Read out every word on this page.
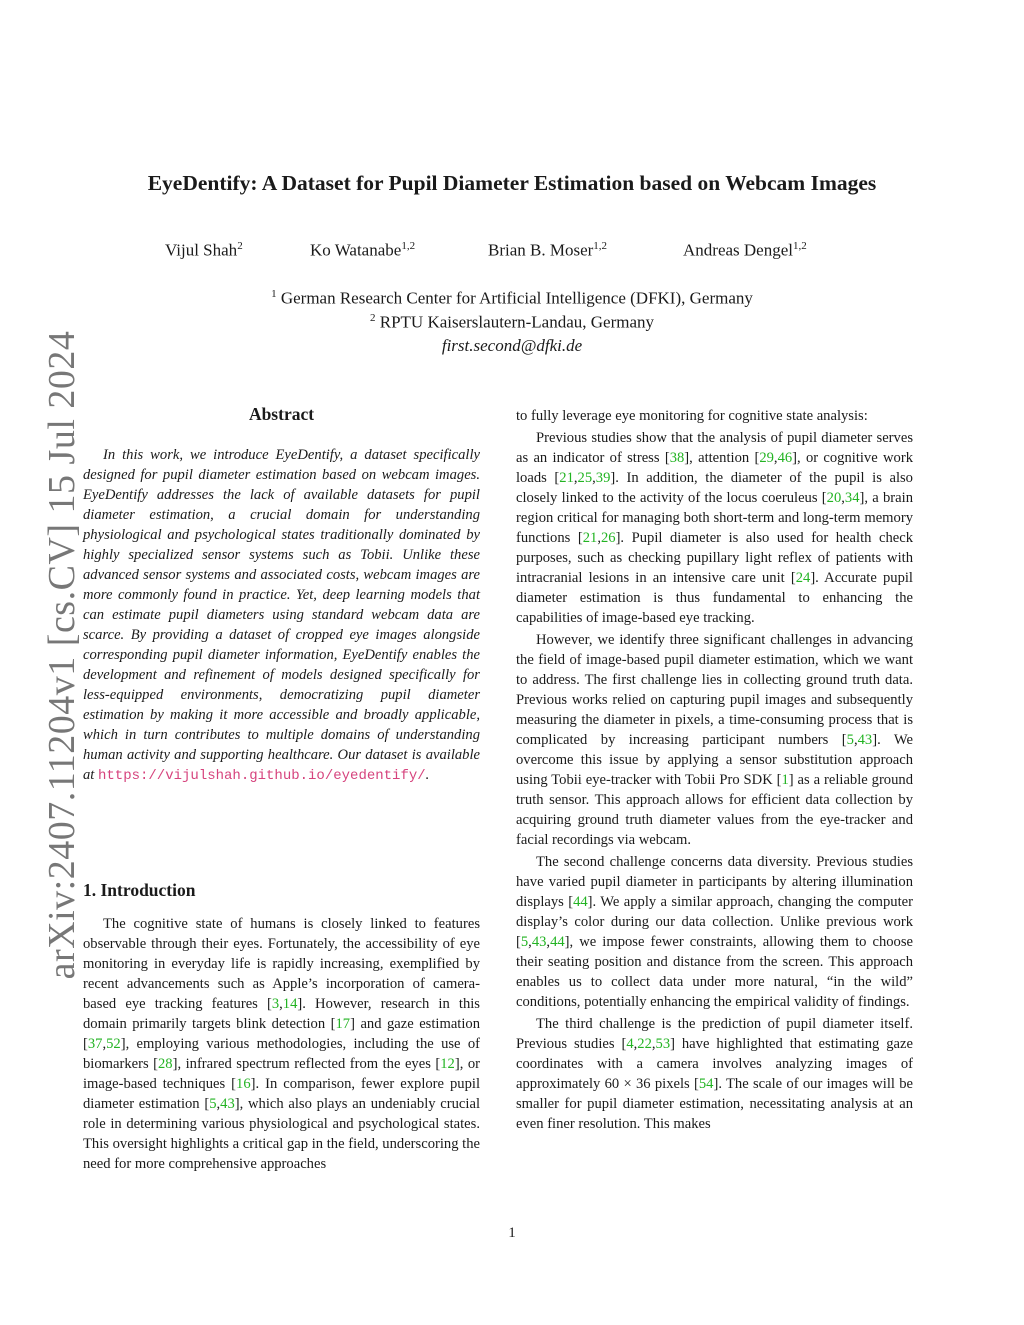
arXiv:2407.11204v1 [cs.CV] 15 Jul 2024
EyeDentify: A Dataset for Pupil Diameter Estimation based on Webcam Images
Vijul Shah$^2$	Ko Watanabe$^{1,2}$	Brian B. Moser$^{1,2}$	Andreas Dengel$^{1,2}$
$^1$ German Research Center for Artificial Intelligence (DFKI), Germany
$^2$ RPTU Kaiserslautern-Landau, Germany
first.second@dfki.de
Abstract

In this work, we introduce EyeDentify, a dataset specifically designed for pupil diameter estimation based on webcam images. EyeDentify addresses the lack of available datasets for pupil diameter estimation, a crucial domain for understanding physiological and psychological states traditionally dominated by highly specialized sensor systems such as Tobii. Unlike these advanced sensor systems and associated costs, webcam images are more commonly found in practice. Yet, deep learning models that can estimate pupil diameters using standard webcam data are scarce. By providing a dataset of cropped eye images alongside corresponding pupil diameter information, EyeDentify enables the development and refinement of models designed specifically for less-equipped environments, democratizing pupil diameter estimation by making it more accessible and broadly applicable, which in turn contributes to multiple domains of understanding human activity and supporting healthcare. Our dataset is available at https://vijulshah.github.io/eyedentify/.

1. Introduction

The cognitive state of humans is closely linked to features observable through their eyes. Fortunately, the accessibility of eye monitoring in everyday life is rapidly increasing, exemplified by recent advancements such as Apple’s incorporation of camera-based eye tracking features [3,14]. However, research in this domain primarily targets blink detection [17] and gaze estimation [37,52], employing various methodologies, including the use of biomarkers [28], infrared spectrum reflected from the eyes [12], or image-based techniques [16]. In comparison, fewer explore pupil diameter estimation [5,43], which also plays an undeniably crucial role in determining various physiological and psychological states. This oversight highlights a critical gap in the field, underscoring the need for more comprehensive approaches

to fully leverage eye monitoring for cognitive state analysis:

Previous studies show that the analysis of pupil diameter serves as an indicator of stress [38], attention [29,46], or cognitive work loads [21,25,39]. In addition, the diameter of the pupil is also closely linked to the activity of the locus coeruleus [20,34], a brain region critical for managing both short-term and long-term memory functions [21,26]. Pupil diameter is also used for health check purposes, such as checking pupillary light reflex of patients with intracranial lesions in an intensive care unit [24]. Accurate pupil diameter estimation is thus fundamental to enhancing the capabilities of image-based eye tracking.

However, we identify three significant challenges in advancing the field of image-based pupil diameter estimation, which we want to address. The first challenge lies in collecting ground truth data. Previous works relied on capturing pupil images and subsequently measuring the diameter in pixels, a time-consuming process that is complicated by increasing participant numbers [5,43]. We overcome this issue by applying a sensor substitution approach using Tobii eye-tracker with Tobii Pro SDK [1] as a reliable ground truth sensor. This approach allows for efficient data collection by acquiring ground truth diameter values from the eye-tracker and facial recordings via webcam.

The second challenge concerns data diversity. Previous studies have varied pupil diameter in participants by altering illumination displays [44]. We apply a similar approach, changing the computer display’s color during our data collection. Unlike previous work [5,43,44], we impose fewer constraints, allowing them to choose their seating position and distance from the screen. This approach enables us to collect data under more natural, “in the wild” conditions, potentially enhancing the empirical validity of findings.

The third challenge is the prediction of pupil diameter itself. Previous studies [4,22,53] have highlighted that estimating gaze coordinates with a camera involves analyzing images of approximately 60 × 36 pixels [54]. The scale of our images will be smaller for pupil diameter estimation, necessitating analysis at an even finer resolution. This makes

1
